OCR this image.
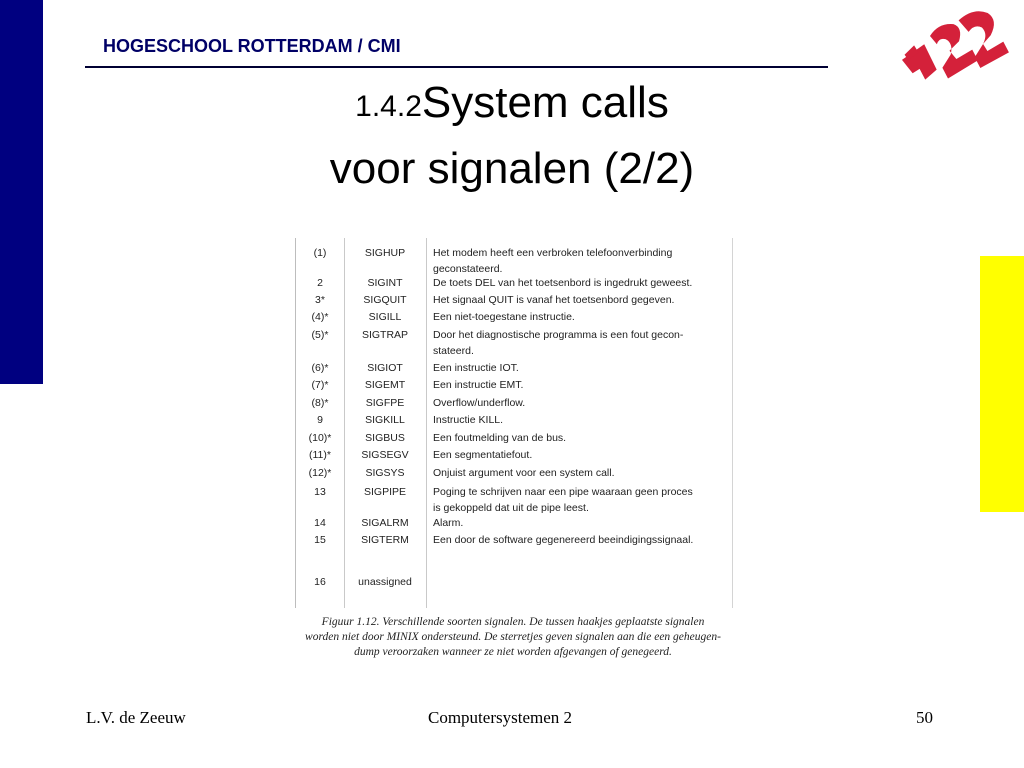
HOGESCHOOL ROTTERDAM / CMI
$^{1.4.2}$System calls
voor signalen (2/2)
(1)	SIGHUP	Het modem heeft een verbroken telefoonverbinding
geconstateerd.
2	SIGINT	De toets DEL van het toetsenbord is ingedrukt geweest.
3*	SIGQUIT	Het signaal QUIT is vanaf het toetsenbord gegeven.
(4)*	SIGILL	Een niet-toegestane instructie.
(5)*	SIGTRAP	Door het diagnostische programma is een fout gecon-
stateerd.
(6)*	SIGIOT	Een instructie IOT.
(7)*	SIGEMT	Een instructie EMT.
(8)*	SIGFPE	Overflow/underflow.
9	SIGKILL	Instructie KILL.
(10)*	SIGBUS	Een foutmelding van de bus.
(11)*	SIGSEGV	Een segmentatiefout.
(12)*	SIGSYS	Onjuist argument voor een system call.
13	SIGPIPE	Poging te schrijven naar een pipe waaraan geen proces
is gekoppeld dat uit de pipe leest.
14	SIGALRM	Alarm.
15	SIGTERM	Een door de software gegenereerd beeindigingssignaal.
16	unassigned
Figuur 1.12. Verschillende soorten signalen. De tussen haakjes geplaatste signalen
worden niet door MINIX ondersteund. De sterretjes geven signalen aan die een geheugen-
dump veroorzaken wanneer ze niet worden afgevangen of genegeerd.
L.V. de Zeeuw	Computersystemen 2	50
